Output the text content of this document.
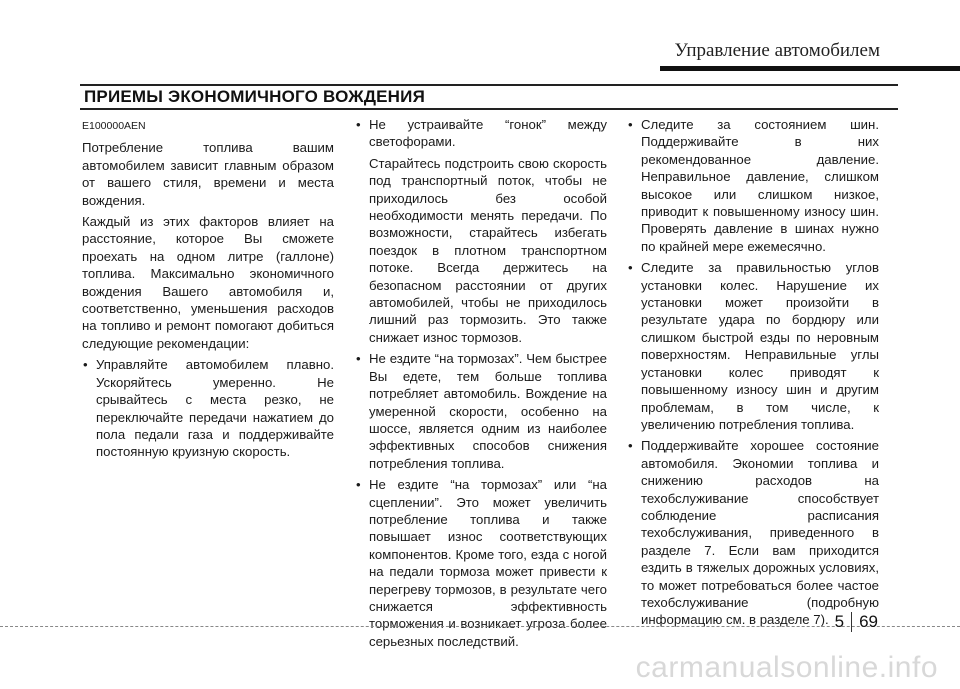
Управление автомобилем
ПРИЕМЫ ЭКОНОМИЧНОГО ВОЖДЕНИЯ

E100000AEN

Потребление топлива вашим автомобилем зависит главным образом от вашего стиля, времени и места вождения.

Каждый из этих факторов влияет на расстояние, которое Вы сможете проехать на одном литре (галлоне) топлива. Максимально экономичного вождения Вашего автомобиля и, соответственно, уменьшения расходов на топливо и ремонт помогают добиться следующие рекомендации:

• Управляйте автомобилем плавно. Ускоряйтесь умеренно. Не срывайтесь с места резко, не переключайте передачи нажатием до пола педали газа и поддерживайте постоянную круизную скорость.

• Не устраивайте “гонок” между светофорами.

Старайтесь подстроить свою скорость под транспортный поток, чтобы не приходилось без особой необходимости менять передачи. По возможности, старайтесь избегать поездок в плотном транспортном потоке. Всегда держитесь на безопасном расстоянии от других автомобилей, чтобы не приходилось лишний раз тормозить. Это также снижает износ тормозов.

• Не ездите “на тормозах”. Чем быстрее Вы едете, тем больше топлива потребляет автомобиль. Вождение на умеренной скорости, особенно на шоссе, является одним из наиболее эффективных способов снижения потребления топлива.

• Не ездите “на тормозах” или “на сцеплении”. Это может увеличить потребление топлива и также повышает износ соответствующих компонентов. Кроме того, езда с ногой на педали тормоза может привести к перегреву тормозов, в результате чего снижается эффективность торможения и возникает угроза более серьезных последствий.

• Следите за состоянием шин. Поддерживайте в них рекомендованное давление. Неправильное давление, слишком высокое или слишком низкое, приводит к повышенному износу шин. Проверять давление в шинах нужно по крайней мере ежемесячно.

• Следите за правильностью углов установки колес. Нарушение их установки может произойти в результате удара по бордюру или слишком быстрой езды по неровным поверхностям. Неправильные углы установки колес приводят к повышенному износу шин и другим проблемам, в том числе, к увеличению потребления топлива.

• Поддерживайте хорошее состояние автомобиля. Экономии топлива и снижению расходов на техобслуживание способствует соблюдение расписания техобслуживания, приведенного в разделе 7. Если вам приходится ездить в тяжелых дорожных условиях, то может потребоваться более частое техобслуживание (подробную информацию см. в разделе 7). 5 69
carmanualsonline.info
